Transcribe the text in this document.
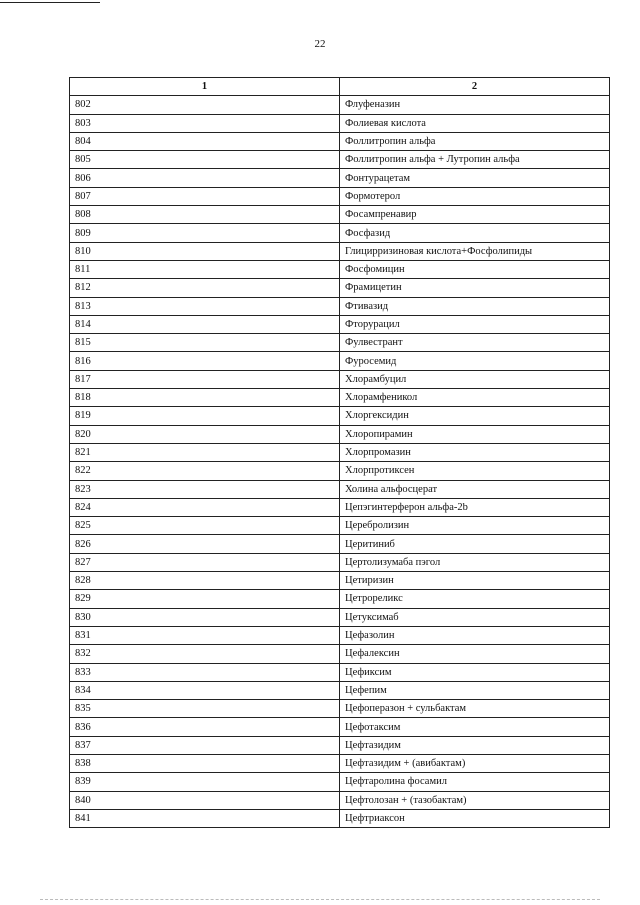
22
1	2
802	Флуфеназин
803	Фолиевая кислота
804	Фоллитропин альфа
805	Фоллитропин альфа + Лутропин альфа
806	Фонтурацетам
807	Формотерол
808	Фосампренавир
809	Фосфазид
810	Глицирризиновая кислота+Фосфолипиды
811	Фосфомицин
812	Фрамицетин
813	Фтивазид
814	Фторурацил
815	Фулвестрант
816	Фуросемид
817	Хлорамбуцил
818	Хлорамфеникол
819	Хлоргексидин
820	Хлоропирамин
821	Хлорпромазин
822	Хлорпротиксен
823	Холина альфосцерат
824	Цепэгинтерферон альфа-2b
825	Церебролизин
826	Церитиниб
827	Цертолизумаба пэгол
828	Цетиризин
829	Цетрореликс
830	Цетуксимаб
831	Цефазолин
832	Цефалексин
833	Цефиксим
834	Цефепим
835	Цефоперазон + сульбактам
836	Цефотаксим
837	Цефтазидим
838	Цефтазидим + (авибактам)
839	Цефтаролина фосамил
840	Цефтолозан + (тазобактам)
841	Цефтриаксон
